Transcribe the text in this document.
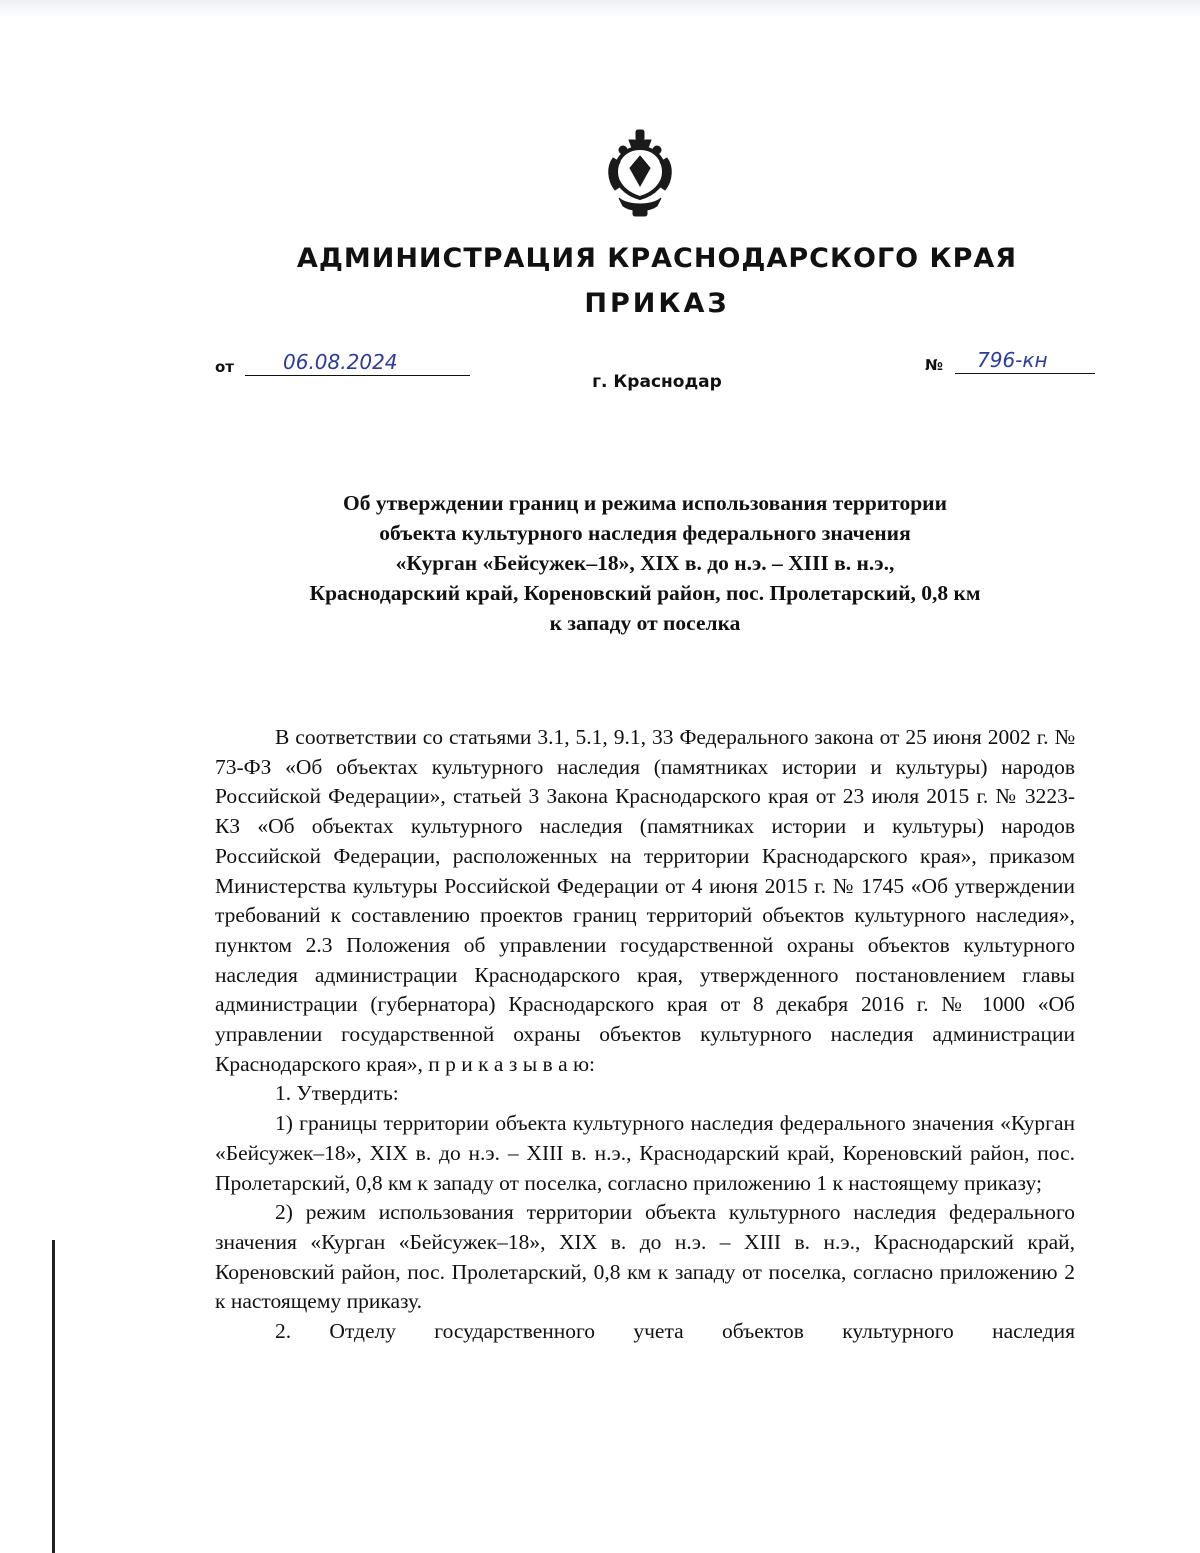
АДМИНИСТРАЦИЯ КРАСНОДАРСКОГО КРАЯ
ПРИКАЗ
от 06.08.2024	№ 796-кн
г. Краснодар
Об утверждении границ и режима использования территории
объекта культурного наследия федерального значения
«Курган «Бейсужек–18», XIX в. до н.э. – XIII в. н.э.,
Краснодарский край, Кореновский район, пос. Пролетарский, 0,8 км
к западу от поселка

В соответствии со статьями 3.1, 5.1, 9.1, 33 Федерального закона от 25 июня 2002 г. № 73-ФЗ «Об объектах культурного наследия (памятниках истории и культуры) народов Российской Федерации», статьей 3 Закона Краснодарского края от 23 июля 2015 г. № 3223-КЗ «Об объектах культурного наследия (памятниках истории и культуры) народов Российской Федерации, расположенных на территории Краснодарского края», приказом Министерства культуры Российской Федерации от 4 июня 2015 г. № 1745 «Об утверждении требований к составлению проектов границ территорий объектов культурного наследия», пунктом 2.3 Положения об управлении государственной охраны объектов культурного наследия администрации Краснодарского края, утвержденного постановлением главы администрации (губернатора) Краснодарского края от 8 декабря 2016 г. № 1000 «Об управлении государственной охраны объектов культурного наследия администрации Краснодарского края», п р и к а з ы в а ю:

1. Утвердить:

1) границы территории объекта культурного наследия федерального значения «Курган «Бейсужек–18», XIX в. до н.э. – XIII в. н.э., Краснодарский край, Кореновский район, пос. Пролетарский, 0,8 км к западу от поселка, согласно приложению 1 к настоящему приказу;

2) режим использования территории объекта культурного наследия федерального значения «Курган «Бейсужек–18», XIX в. до н.э. – XIII в. н.э., Краснодарский край, Кореновский район, пос. Пролетарский, 0,8 км к западу от поселка, согласно приложению 2 к настоящему приказу.

2. Отделу государственного учета объектов культурного наследия
